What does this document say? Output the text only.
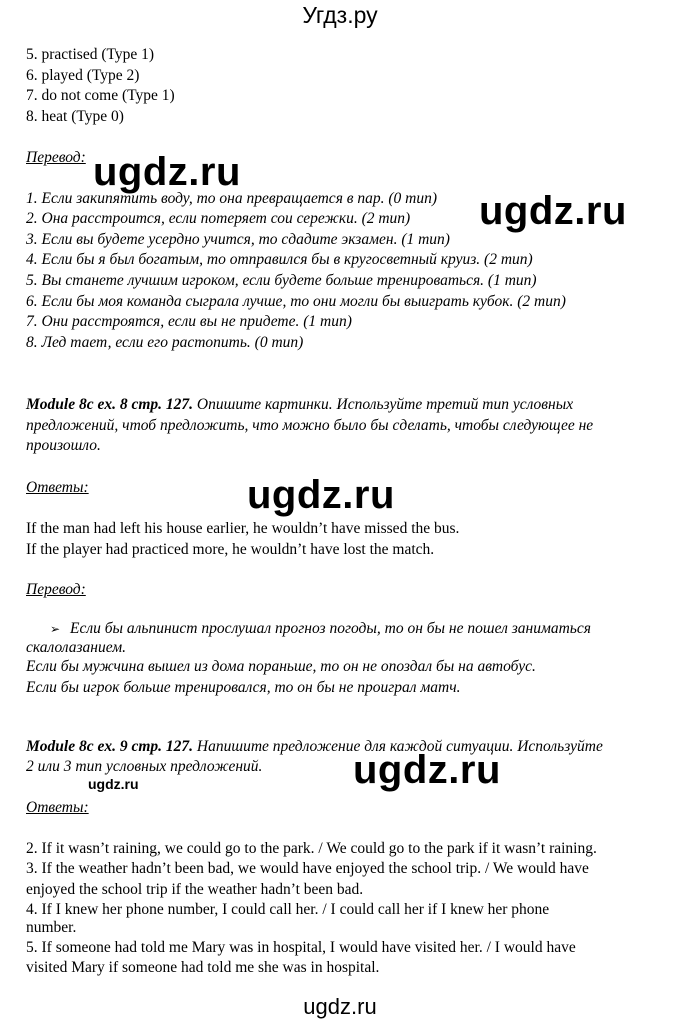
Угдз.ру
5. practised (Type 1)
6. played (Type 2)
7. do not come (Type 1)
8. heat (Type 0)
Перевод:
1. Если закипятить воду, то она превращается в пар. (0 тип)
2. Она расстроится, если потеряет сои сережки. (2 тип)
3. Если вы будете усердно учится, то сдадите экзамен. (1 тип)
4. Если бы я был богатым, то отправился бы в кругосветный круиз. (2 тип)
5. Вы станете лучшим игроком, если будете больше тренироваться. (1 тип)
6. Если бы моя команда сыграла лучше, то они могли бы выиграть кубок. (2 тип)
7. Они расстроятся, если вы не придете. (1 тип)
8. Лед тает, если его растопить. (0 тип)
Module 8c ex. 8 стр. 127. Опишите картинки. Используйте третий тип условных
предложений, чтоб предложить, что можно было бы сделать, чтобы следующее не
произошло.
Ответы:
If the man had left his house earlier, he wouldn’t have missed the bus.
If the player had practiced more, he wouldn’t have lost the match.
Перевод:
➢ Если бы альпинист прослушал прогноз погоды, то он бы не пошел заниматься
скалолазанием.
Если бы мужчина вышел из дома пораньше, то он не опоздал бы на автобус.
Если бы игрок больше тренировался, то он бы не проиграл матч.
Module 8c ex. 9 стр. 127. Напишите предложение для каждой ситуации. Используйте
2 или 3 тип условных предложений.
Ответы:
2. If it wasn’t raining, we could go to the park. / We could go to the park if it wasn’t raining.
3. If the weather hadn’t been bad, we would have enjoyed the school trip. / We would have
enjoyed the school trip if the weather hadn’t been bad.
4. If I knew her phone number, I could call her. / I could call her if I knew her phone
number.
5. If someone had told me Mary was in hospital, I would have visited her. / I would have
visited Mary if someone had told me she was in hospital.
ugdz.ru
ugdz.ru
ugdz.ru
ugdz.ru
ugdz.ru
ugdz.ru
